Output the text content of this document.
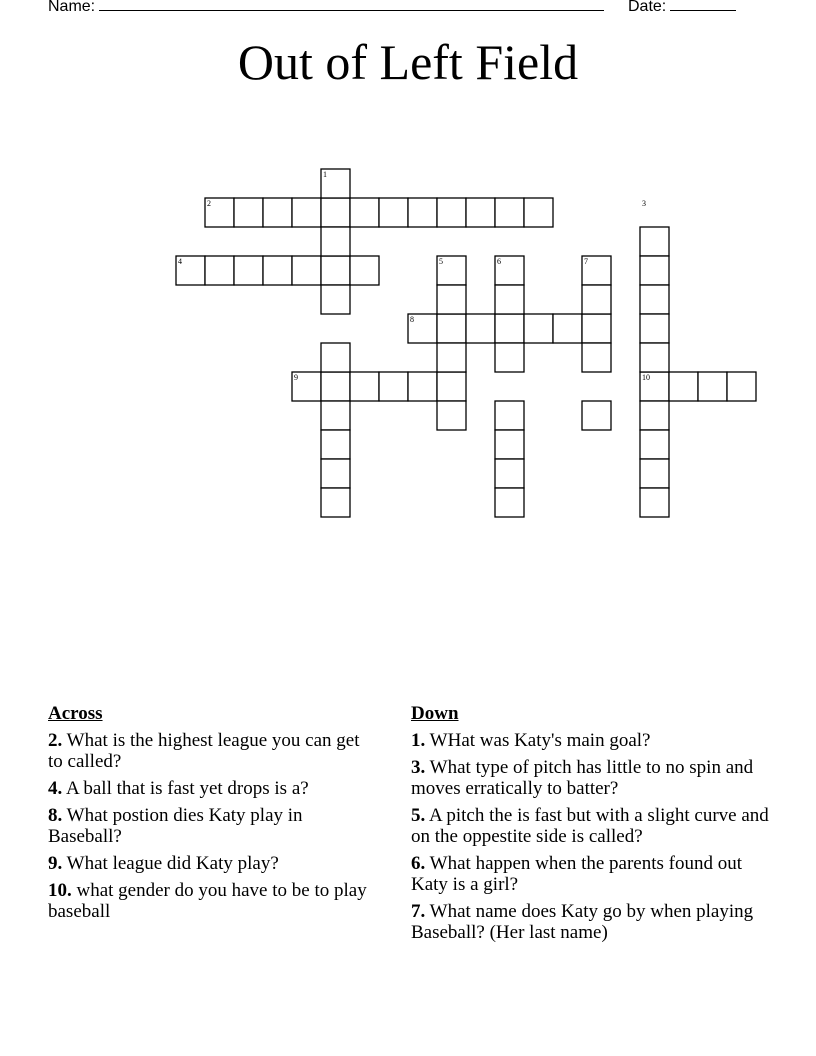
Name:	Date:
Out of Left Field
1
2	3
4	5	6	7
8
9	10
Across
2. What is the highest league you can get to called?
4. A ball that is fast yet drops is a?
8. What postion dies Katy play in Baseball?
9. What league did Katy play?
10. what gender do you have to be to play baseball
Down
1. WHat was Katy's main goal?
3. What type of pitch has little to no spin and moves erratically to batter?
5. A pitch the is fast but with a slight curve and on the oppestite side is called?
6. What happen when the parents found out Katy is a girl?
7. What name does Katy go by when playing Baseball? (Her last name)
